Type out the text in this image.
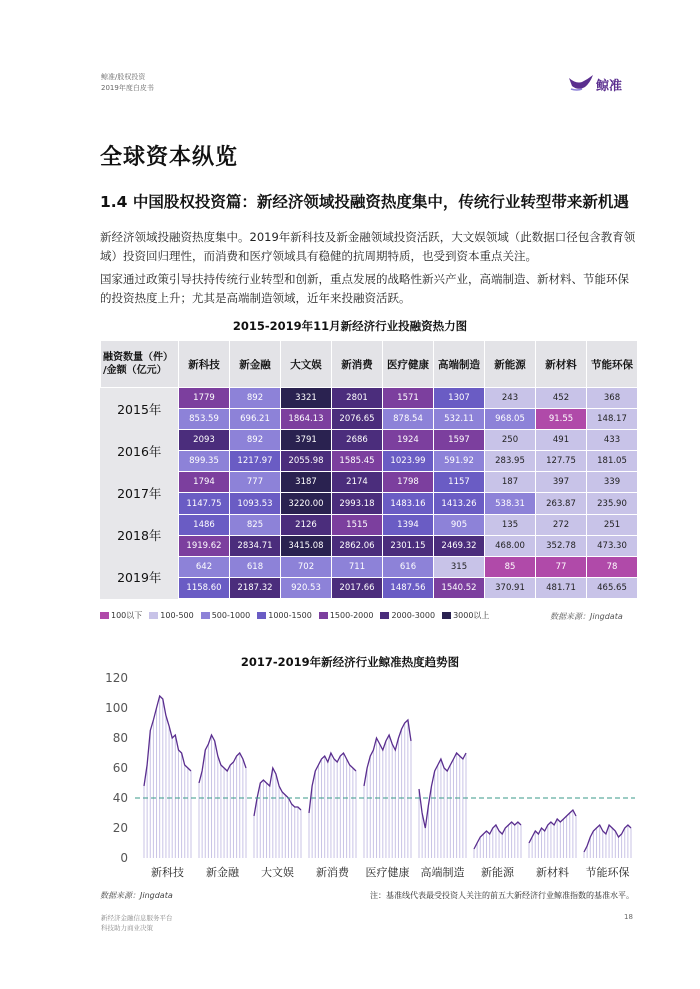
鲸准/股权投资
2019年度白皮书	鲸准
全球资本纵览
1.4 中国股权投资篇：新经济领域投融资热度集中，传统行业转型带来新机遇
新经济领域投融资热度集中。2019年新科技及新金融领域投资活跃，大文娱领域（此数据口径包含教育领域）投资回归理性，而消费和医疗领域具有稳健的抗周期特质，也受到资本重点关注。
国家通过政策引导扶持传统行业转型和创新，重点发展的战略性新兴产业，高端制造、新材料、节能环保的投资热度上升；尤其是高端制造领域，近年来投融资活跃。
2015-2019年11月新经济行业投融资热力图
融资数量（件）
/金额（亿元）	新科技	新金融	大文娱	新消费	医疗健康	高端制造	新能源	新材料	节能环保
2015年	1779	892	3321	2801	1571	1307	243	452	368
	853.59	696.21	1864.13	2076.65	878.54	532.11	968.05	91.55	148.17
2016年	2093	892	3791	2686	1924	1597	250	491	433
	899.35	1217.97	2055.98	1585.45	1023.99	591.92	283.95	127.75	181.05
2017年	1794	777	3187	2174	1798	1157	187	397	339
	1147.75	1093.53	3220.00	2993.18	1483.16	1413.26	538.31	263.87	235.90
2018年	1486	825	2126	1515	1394	905	135	272	251
	1919.62	2834.71	3415.08	2862.06	2301.15	2469.32	468.00	352.78	473.30
2019年	642	618	702	711	616	315	85	77	78
	1158.60	2187.32	920.53	2017.66	1487.56	1540.52	370.91	481.71	465.65
100以下 100-500 500-1000 1000-1500 1500-2000 2000-3000 3000以上	数据来源：Jingdata
2017-2019年新经济行业鲸准热度趋势图
0
20
40
60
80
100
120
新科技 新金融 大文娱 新消费 医疗健康 高端制造 新能源 新材料 节能环保
数据来源：Jingdata	注：基准线代表最受投资人关注的前五大新经济行业鲸准指数的基准水平。
新经济金融信息服务平台
科技助力商业决策
18
